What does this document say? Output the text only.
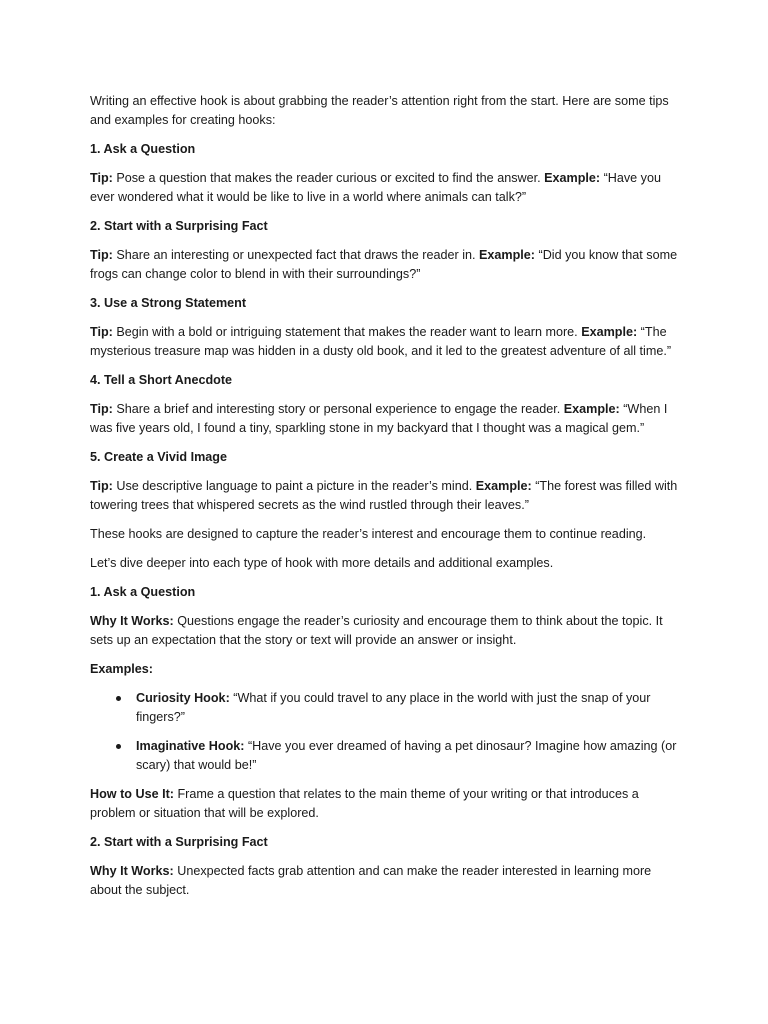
Writing an effective hook is about grabbing the reader’s attention right from the start. Here are some tips and examples for creating hooks:

1. Ask a Question

Tip: Pose a question that makes the reader curious or excited to find the answer. Example: “Have you ever wondered what it would be like to live in a world where animals can talk?”

2. Start with a Surprising Fact

Tip: Share an interesting or unexpected fact that draws the reader in. Example: “Did you know that some frogs can change color to blend in with their surroundings?”

3. Use a Strong Statement

Tip: Begin with a bold or intriguing statement that makes the reader want to learn more. Example: “The mysterious treasure map was hidden in a dusty old book, and it led to the greatest adventure of all time.”

4. Tell a Short Anecdote

Tip: Share a brief and interesting story or personal experience to engage the reader. Example: “When I was five years old, I found a tiny, sparkling stone in my backyard that I thought was a magical gem.”

5. Create a Vivid Image

Tip: Use descriptive language to paint a picture in the reader’s mind. Example: “The forest was filled with towering trees that whispered secrets as the wind rustled through their leaves.”

These hooks are designed to capture the reader’s interest and encourage them to continue reading.

Let’s dive deeper into each type of hook with more details and additional examples.

1. Ask a Question

Why It Works: Questions engage the reader’s curiosity and encourage them to think about the topic. It sets up an expectation that the story or text will provide an answer or insight.

Examples:

Curiosity Hook: “What if you could travel to any place in the world with just the snap of your fingers?”
Imaginative Hook: “Have you ever dreamed of having a pet dinosaur? Imagine how amazing (or scary) that would be!”

How to Use It: Frame a question that relates to the main theme of your writing or that introduces a problem or situation that will be explored.

2. Start with a Surprising Fact

Why It Works: Unexpected facts grab attention and can make the reader interested in learning more about the subject.
